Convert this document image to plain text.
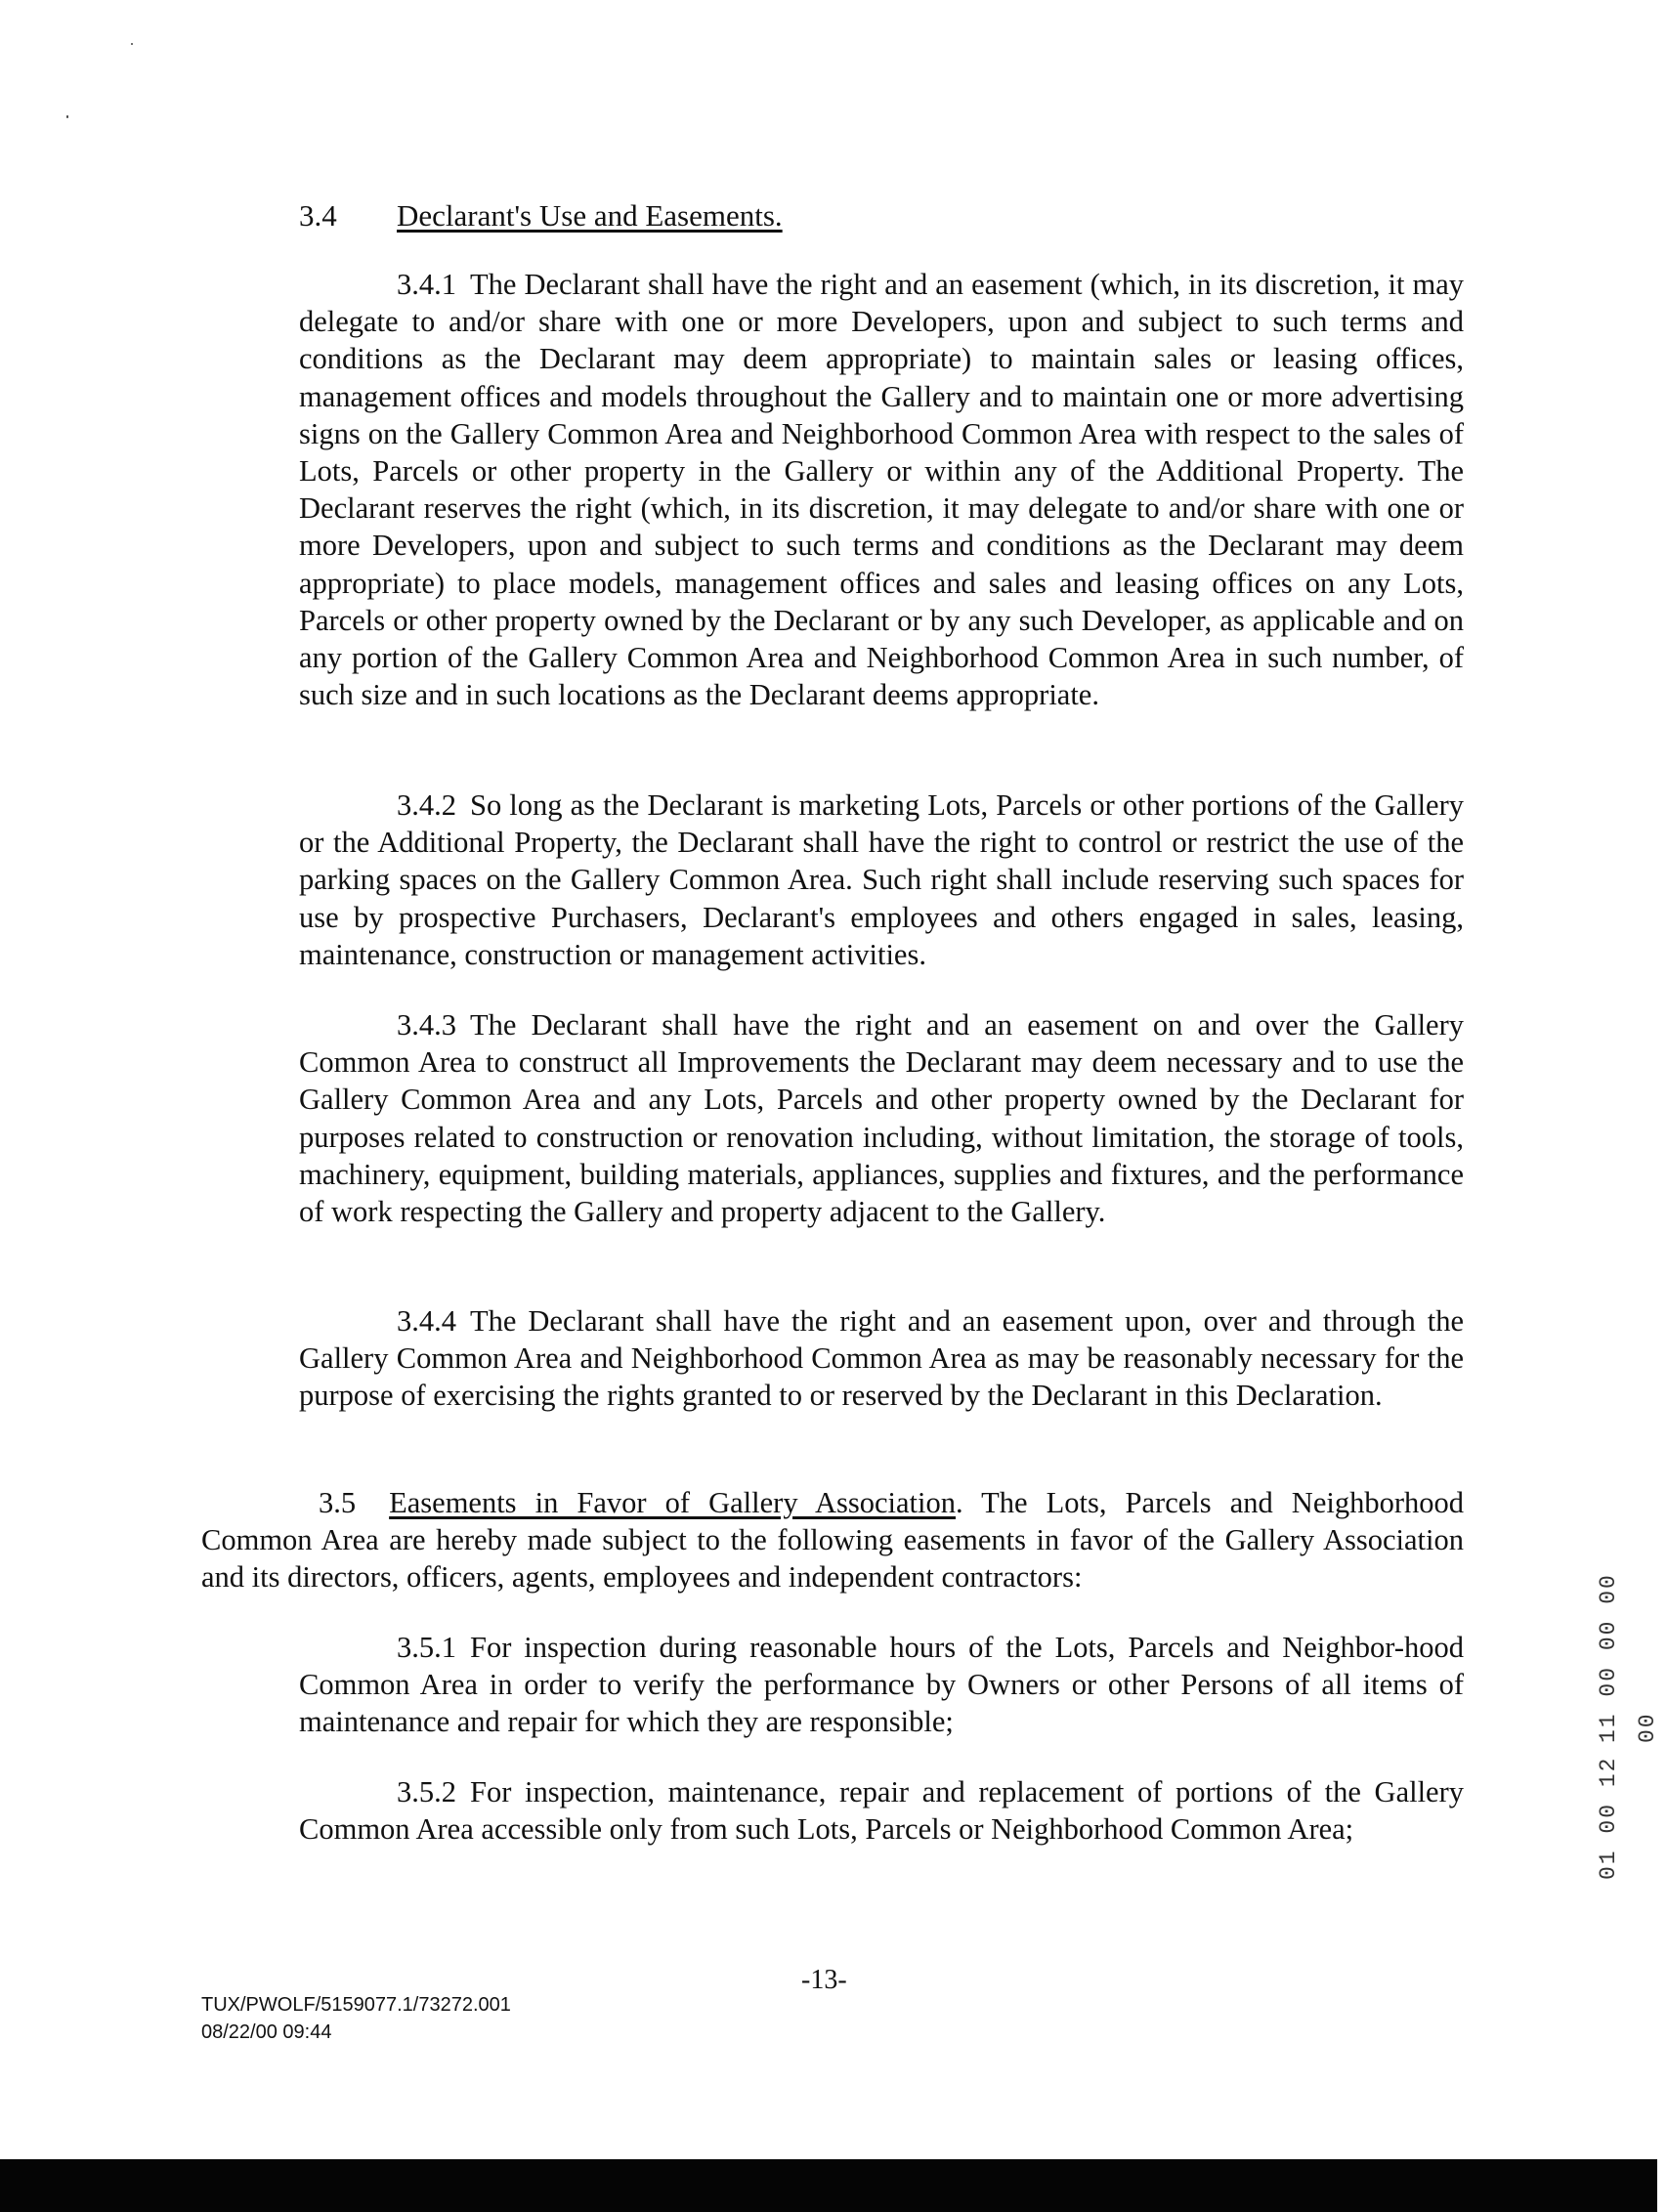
3.4 Declarant's Use and Easements.

3.4.1 The Declarant shall have the right and an easement (which, in its discretion, it may delegate to and/or share with one or more Developers, upon and subject to such terms and conditions as the Declarant may deem appropriate) to maintain sales or leasing offices, management offices and models throughout the Gallery and to maintain one or more advertising signs on the Gallery Common Area and Neighborhood Common Area with respect to the sales of Lots, Parcels or other property in the Gallery or within any of the Additional Property. The Declarant reserves the right (which, in its discretion, it may delegate to and/or share with one or more Developers, upon and subject to such terms and conditions as the Declarant may deem appropriate) to place models, management offices and sales and leasing offices on any Lots, Parcels or other property owned by the Declarant or by any such Developer, as applicable and on any portion of the Gallery Common Area and Neighborhood Common Area in such number, of such size and in such locations as the Declarant deems appropriate.

3.4.2 So long as the Declarant is marketing Lots, Parcels or other portions of the Gallery or the Additional Property, the Declarant shall have the right to control or restrict the use of the parking spaces on the Gallery Common Area. Such right shall include reserving such spaces for use by prospective Purchasers, Declarant's employees and others engaged in sales, leasing, maintenance, construction or management activities.

3.4.3 The Declarant shall have the right and an easement on and over the Gallery Common Area to construct all Improvements the Declarant may deem necessary and to use the Gallery Common Area and any Lots, Parcels and other property owned by the Declarant for purposes related to construction or renovation including, without limitation, the storage of tools, machinery, equipment, building materials, appliances, supplies and fixtures, and the performance of work respecting the Gallery and property adjacent to the Gallery.

3.4.4 The Declarant shall have the right and an easement upon, over and through the Gallery Common Area and Neighborhood Common Area as may be reasonably necessary for the purpose of exercising the rights granted to or reserved by the Declarant in this Declaration.

3.5 Easements in Favor of Gallery Association. The Lots, Parcels and Neighborhood Common Area are hereby made subject to the following easements in favor of the Gallery Association and its directors, officers, agents, employees and independent contractors:

3.5.1 For inspection during reasonable hours of the Lots, Parcels and Neighbor-hood Common Area in order to verify the performance by Owners or other Persons of all items of maintenance and repair for which they are responsible;

3.5.2 For inspection, maintenance, repair and replacement of portions of the Gallery Common Area accessible only from such Lots, Parcels or Neighborhood Common Area;

-13-
TUX/PWOLF/5159077.1/73272.001
08/22/00 09:44
11 00 00 00 00
01 00 12
